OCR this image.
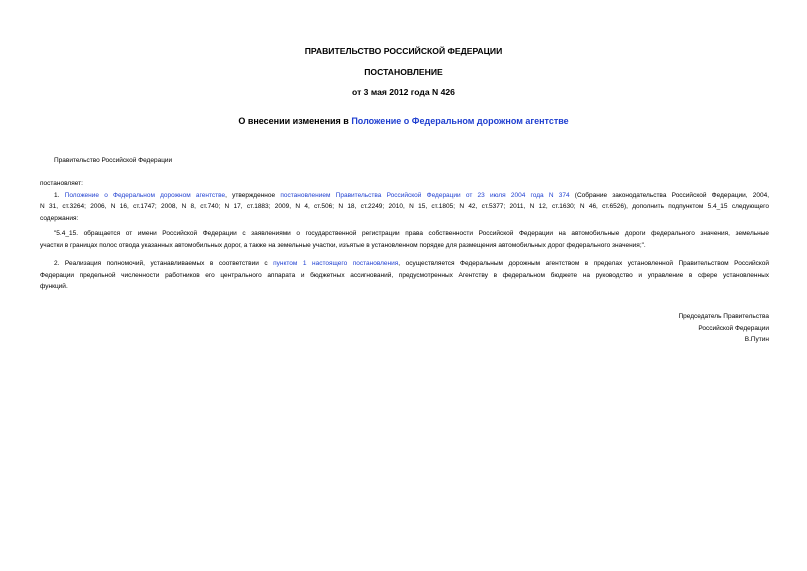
ПРАВИТЕЛЬСТВО РОССИЙСКОЙ ФЕДЕРАЦИИ
ПОСТАНОВЛЕНИЕ
от 3 мая 2012 года N 426
О внесении изменения в Положение о Федеральном дорожном агентстве

Правительство Российской Федерации

постановляет:

1. Положение о Федеральном дорожном агентстве, утвержденное постановлением Правительства Российской Федерации от 23 июля 2004 года N 374 (Собрание законодательства Российской Федерации, 2004,

N 31, ст.3264; 2006, N 16, ст.1747; 2008, N 8, ст.740; N 17, ст.1883; 2009, N 4, ст.506; N 18, ст.2249; 2010, N 15, ст.1805; N 42, ст.5377; 2011, N 12, ст.1630; N 46, ст.6526), дополнить подпунктом 5.4_15 следующего

содержания:

"5.4_15. обращается от имени Российской Федерации с заявлениями о государственной регистрации права собственности Российской Федерации на автомобильные дороги федерального значения, земельные

участки в границах полос отвода указанных автомобильных дорог, а также на земельные участки, изъятые в установленном порядке для размещения автомобильных дорог федерального значения;".

2. Реализация полномочий, устанавливаемых в соответствии с пунктом 1 настоящего постановления, осуществляется Федеральным дорожным агентством в пределах установленной Правительством Российской

Федерации предельной численности работников его центрального аппарата и бюджетных ассигнований, предусмотренных Агентству в федеральном бюджете на руководство и управление в сфере установленных

функций.

Председатель Правительства
Российской Федерации
В.Путин
